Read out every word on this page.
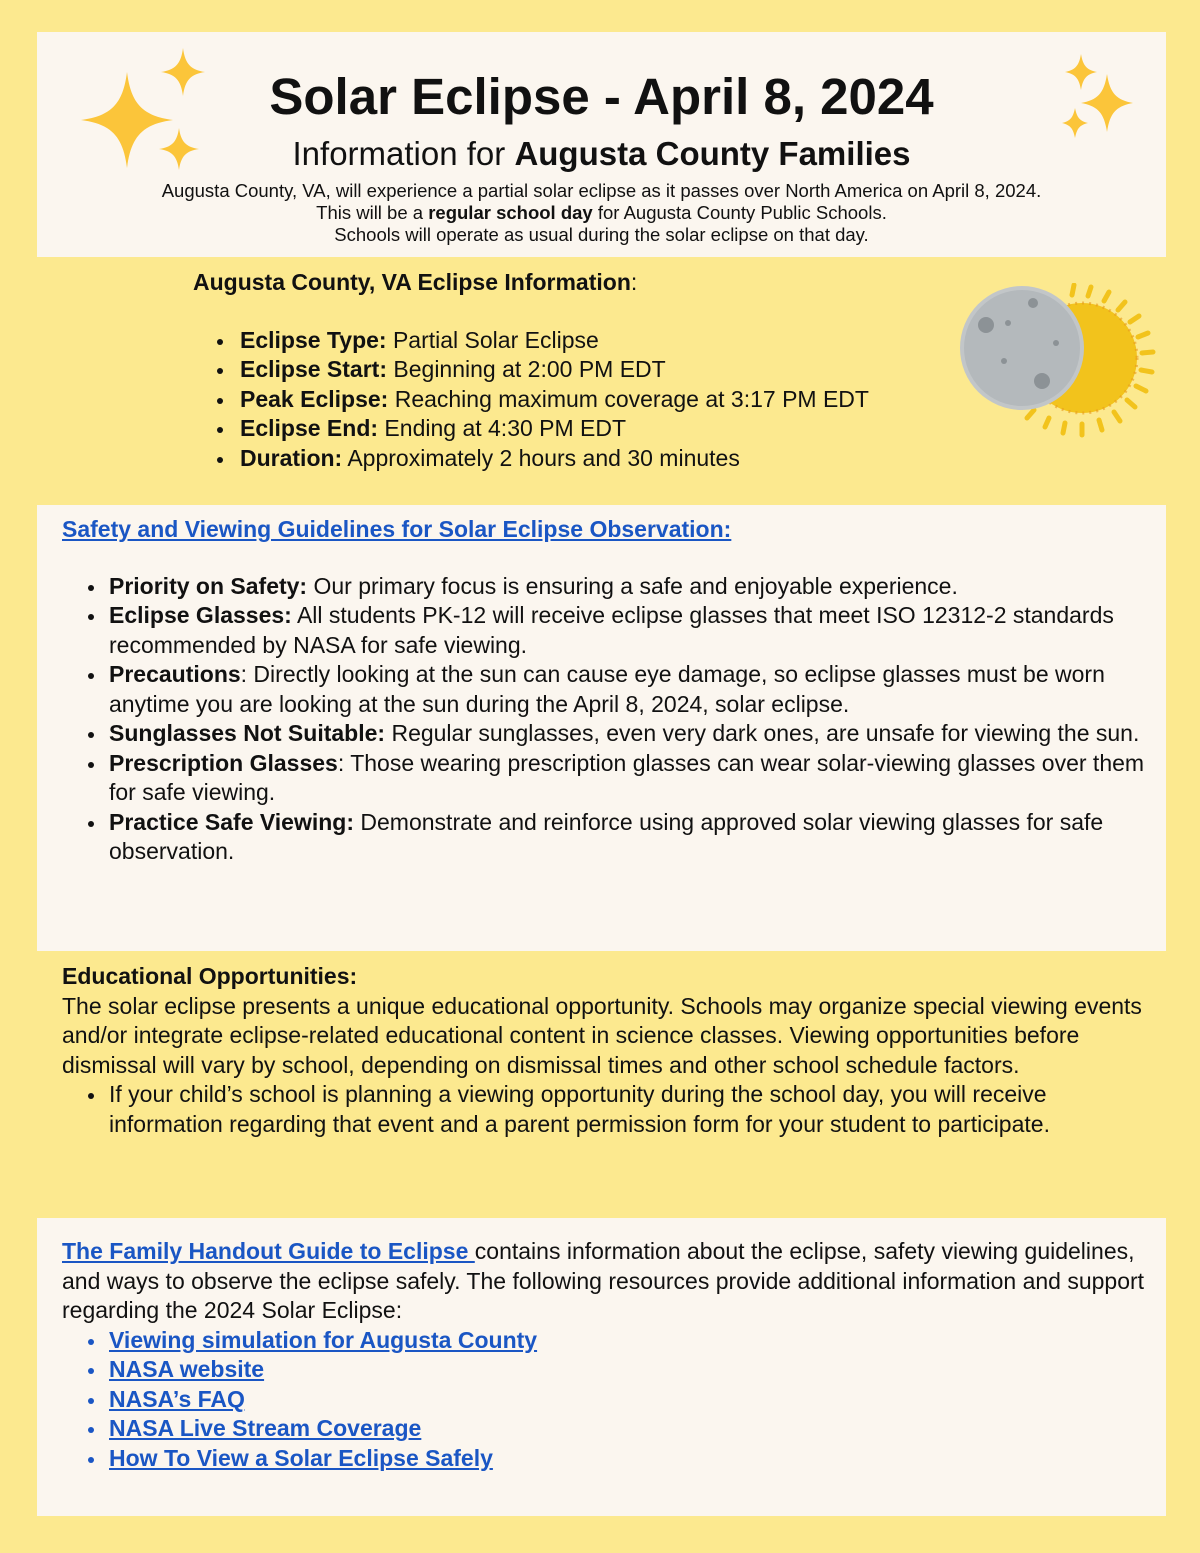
Solar Eclipse - April 8, 2024
Information for Augusta County Families

Augusta County, VA, will experience a partial solar eclipse as it passes over North America on April 8, 2024.

This will be a regular school day for Augusta County Public Schools.

Schools will operate as usual during the solar eclipse on that day.

Augusta County, VA Eclipse Information:
Eclipse Type: Partial Solar Eclipse
Eclipse Start: Beginning at 2:00 PM EDT
Peak Eclipse: Reaching maximum coverage at 3:17 PM EDT
Eclipse End: Ending at 4:30 PM EDT
Duration: Approximately 2 hours and 30 minutes
Safety and Viewing Guidelines for Solar Eclipse Observation:
Priority on Safety: Our primary focus is ensuring a safe and enjoyable experience.
Eclipse Glasses: All students PK-12 will receive eclipse glasses that meet ISO 12312-2 standards recommended by NASA for safe viewing.
Precautions: Directly looking at the sun can cause eye damage, so eclipse glasses must be worn anytime you are looking at the sun during the April 8, 2024, solar eclipse.
Sunglasses Not Suitable: Regular sunglasses, even very dark ones, are unsafe for viewing the sun.
Prescription Glasses: Those wearing prescription glasses can wear solar-viewing glasses over them for safe viewing.
Practice Safe Viewing: Demonstrate and reinforce using approved solar viewing glasses for safe observation.
Educational Opportunities:

The solar eclipse presents a unique educational opportunity. Schools may organize special viewing events and/or integrate eclipse-related educational content in science classes. Viewing opportunities before dismissal will vary by school, depending on dismissal times and other school schedule factors.

If your child’s school is planning a viewing opportunity during the school day, you will receive information regarding that event and a parent permission form for your student to participate.

The Family Handout Guide to Eclipse contains information about the eclipse, safety viewing guidelines, and ways to observe the eclipse safely. The following resources provide additional information and support regarding the 2024 Solar Eclipse:

Viewing simulation for Augusta County
NASA website
NASA’s FAQ
NASA Live Stream Coverage
How To View a Solar Eclipse Safely
